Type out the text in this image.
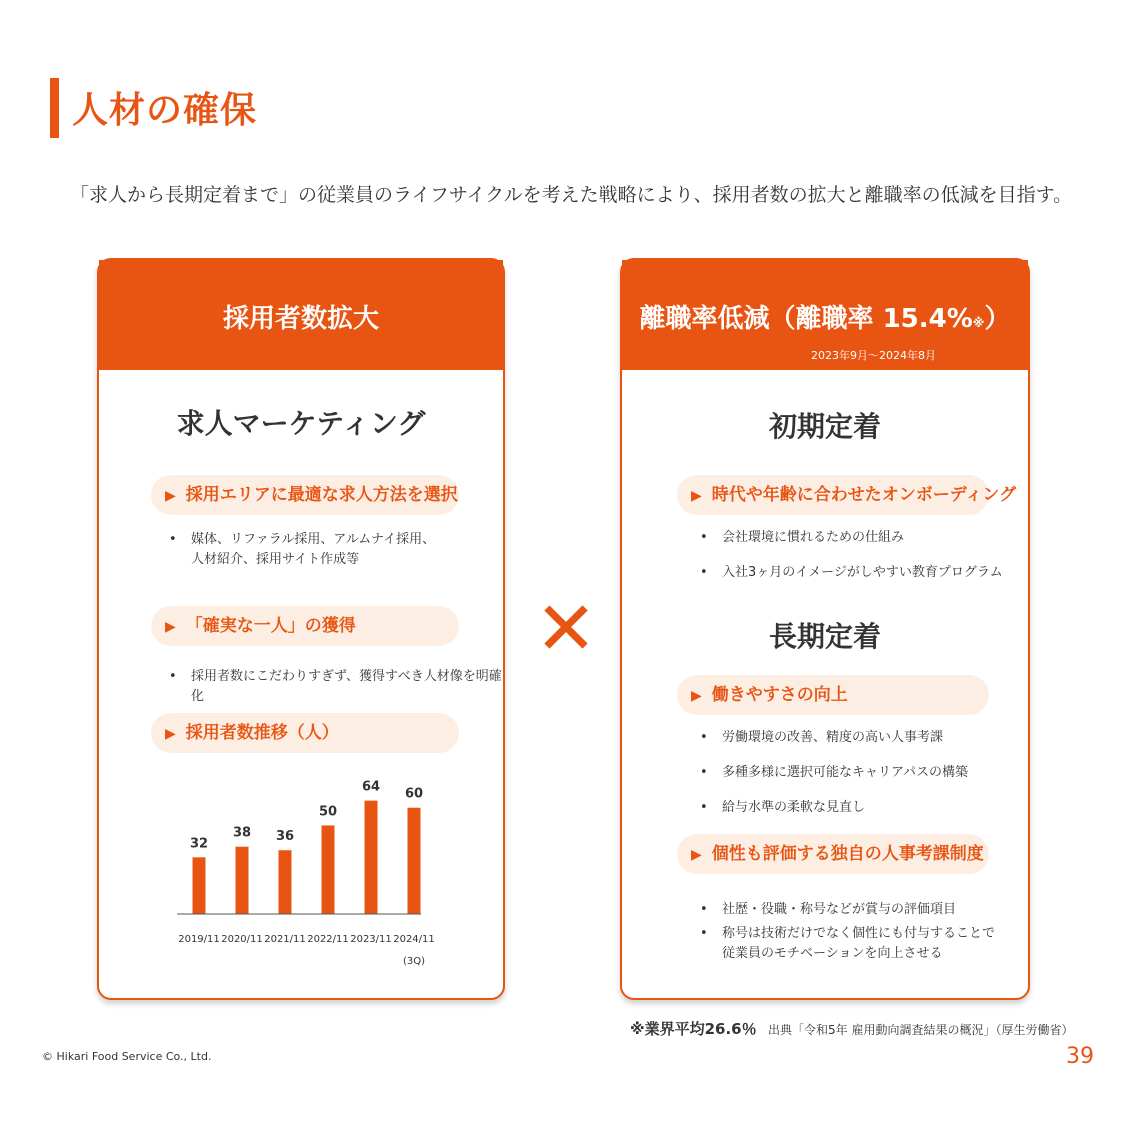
人材の確保
「求人から長期定着まで」の従業員のライフサイクルを考えた戦略により、採用者数の拡大と離職率の低減を目指す。
採用者数拡大
求人マーケティング
▶ 採用エリアに最適な求人方法を選択
• 媒体、リファラル採用、アルムナイ採用、
人材紹介、採用サイト作成等
▶ 「確実な一人」の獲得
• 採用者数にこだわりすぎず、獲得すべき人材像を明確化
▶ 採用者数推移（人）
32
2019/11
38
2020/11
36
2021/11
50
2022/11
64
2023/11
60
2024/11
(3Q)
✕
離職率低減（離職率 15.4%※）
2023年9月～2024年8月
初期定着
▶ 時代や年齢に合わせたオンボーディング
• 会社環境に慣れるための仕組み
• 入社3ヶ月のイメージがしやすい教育プログラム
長期定着
▶ 働きやすさの向上
• 労働環境の改善、精度の高い人事考課
• 多種多様に選択可能なキャリアパスの構築
• 給与水準の柔軟な見直し
▶ 個性も評価する独自の人事考課制度
• 社歴・役職・称号などが賞与の評価項目
• 称号は技術だけでなく個性にも付与することで
従業員のモチベーションを向上させる
※業界平均26.6％ 出典「令和5年 雇用動向調査結果の概況」（厚生労働省）
© Hikari Food Service Co., Ltd.	39
